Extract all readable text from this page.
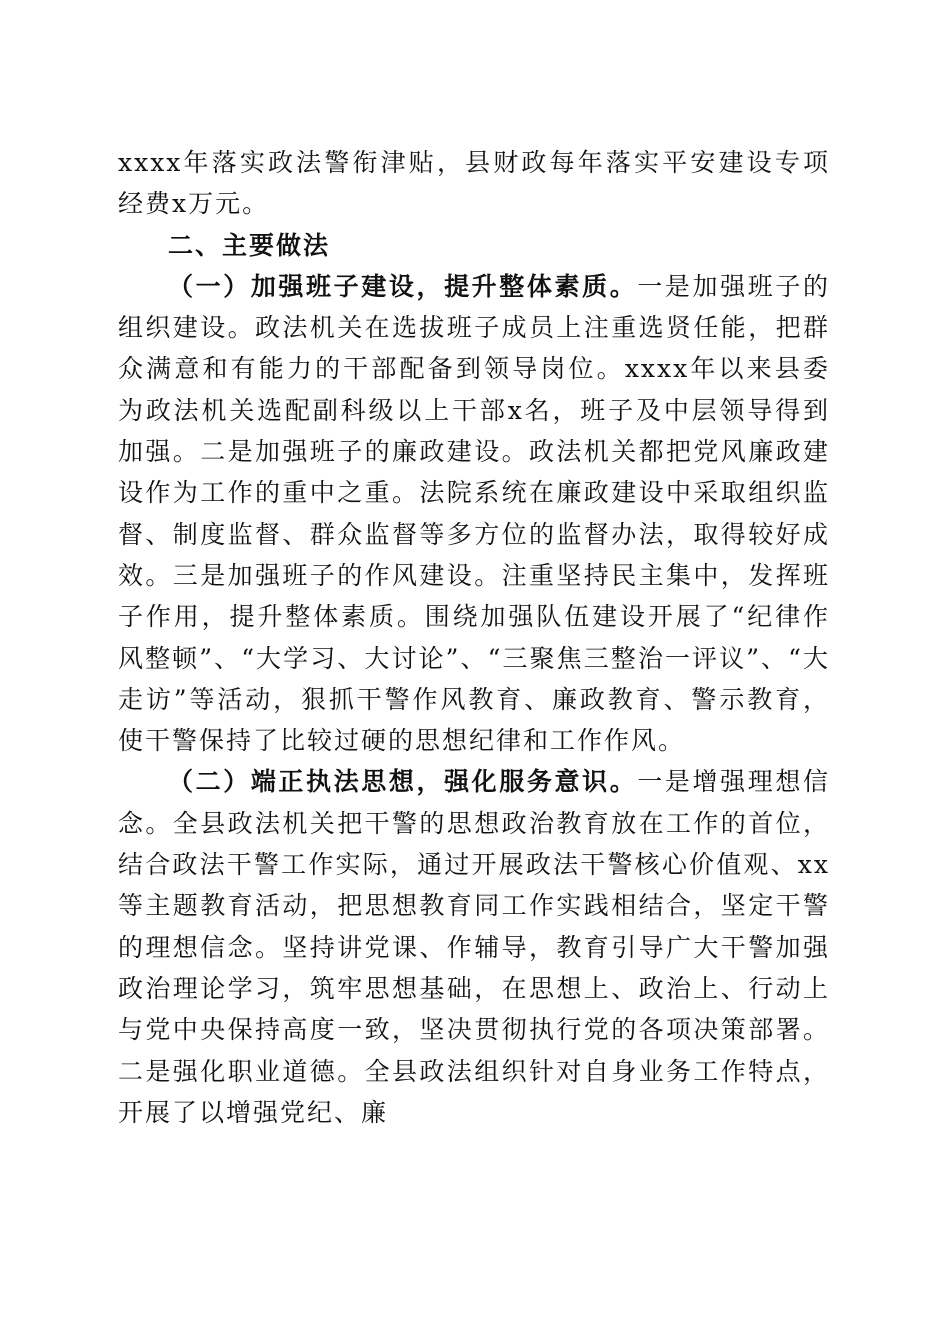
xxxx年落实政法警衔津贴，县财政每年落实平安建设专项经费x万元。

二、主要做法

（一）加强班子建设，提升整体素质。一是加强班子的组织建设。政法机关在选拔班子成员上注重选贤任能，把群众满意和有能力的干部配备到领导岗位。xxxx年以来县委为政法机关选配副科级以上干部x名，班子及中层领导得到加强。二是加强班子的廉政建设。政法机关都把党风廉政建设作为工作的重中之重。法院系统在廉政建设中采取组织监督、制度监督、群众监督等多方位的监督办法，取得较好成效。三是加强班子的作风建设。注重坚持民主集中，发挥班子作用，提升整体素质。围绕加强队伍建设开展了“纪律作风整顿”、“大学习、大讨论”、“三聚焦三整治一评议”、“大走访”等活动，狠抓干警作风教育、廉政教育、警示教育，使干警保持了比较过硬的思想纪律和工作作风。

（二）端正执法思想，强化服务意识。一是增强理想信念。全县政法机关把干警的思想政治教育放在工作的首位，结合政法干警工作实际，通过开展政法干警核心价值观、xx等主题教育活动，把思想教育同工作实践相结合，坚定干警的理想信念。坚持讲党课、作辅导，教育引导广大干警加强政治理论学习，筑牢思想基础，在思想上、政治上、行动上与党中央保持高度一致，坚决贯彻执行党的各项决策部署。二是强化职业道德。全县政法组织针对自身业务工作特点，开展了以增强党纪、廉
